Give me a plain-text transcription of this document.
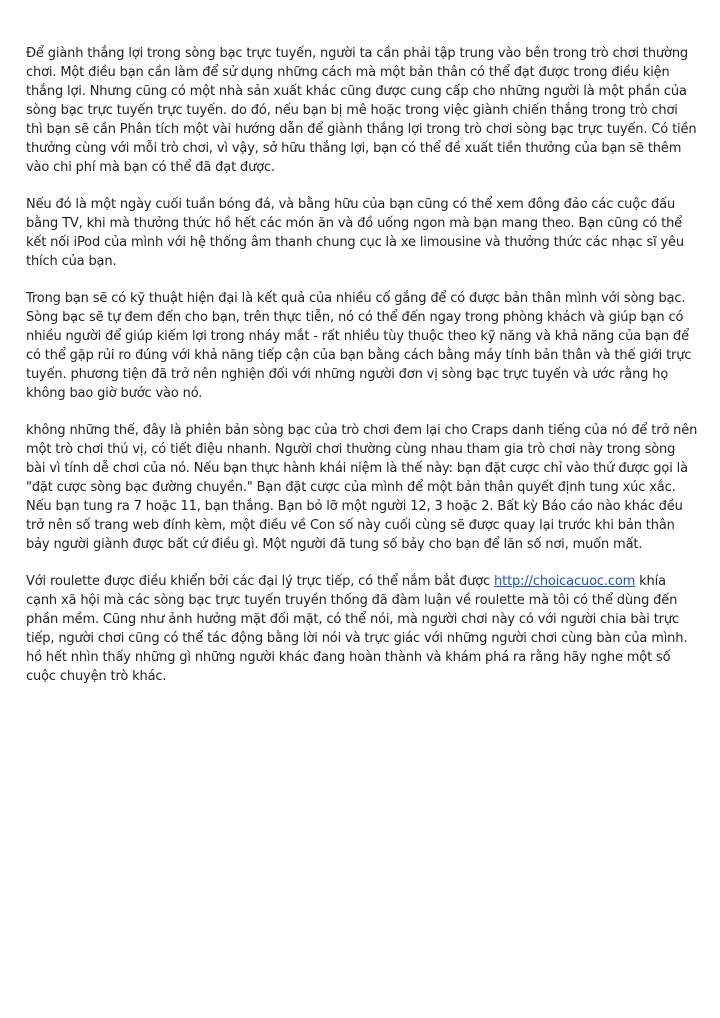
Để giành thắng lợi trong sòng bạc trực tuyến, người ta cần phải tập trung vào bên trong trò chơi thường chơi. Một điều bạn cần làm để sử dụng những cách mà một bản thân có thể đạt được trong điều kiện thắng lợi. Nhưng cũng có một nhà sản xuất khác cũng được cung cấp cho những người là một phần của sòng bạc trực tuyến trực tuyến. do đó, nếu bạn bị mê hoặc trong việc giành chiến thắng trong trò chơi thì bạn sẽ cần Phân tích một vài hướng dẫn để giành thắng lợi trong trò chơi sòng bạc trực tuyến. Có tiền thưởng cùng với mỗi trò chơi, vì vậy, sở hữu thắng lợi, bạn có thể đề xuất tiền thưởng của bạn sẽ thêm vào chi phí mà bạn có thể đã đạt được.

Nếu đó là một ngày cuối tuần bóng đá, và bằng hữu của bạn cũng có thể xem đông đảo các cuộc đấu bằng TV, khi mà thưởng thức hồ hết các món ăn và đồ uống ngon mà bạn mang theo. Bạn cũng có thể kết nối iPod của mình với hệ thống âm thanh chung cục là xe limousine và thưởng thức các nhạc sĩ yêu thích của bạn.

Trong bạn sẽ có kỹ thuật hiện đại là kết quả của nhiều cố gắng để có được bản thân mình với sòng bạc. Sòng bạc sẽ tự đem đến cho bạn, trên thực tiễn, nó có thể đến ngay trong phòng khách và giúp bạn có nhiều người để giúp kiếm lợi trong nháy mắt - rất nhiều tùy thuộc theo kỹ năng và khả năng của bạn để có thể gặp rủi ro đúng với khả năng tiếp cận của bạn bằng cách bằng máy tính bản thân và thế giới trực tuyến. phương tiện đã trở nên nghiện đối với những người đơn vị sòng bạc trực tuyến và ước rằng họ không bao giờ bước vào nó.

không những thế, đây là phiên bản sòng bạc của trò chơi đem lại cho Craps danh tiếng của nó để trở nên một trò chơi thú vị, có tiết điệu nhanh. Người chơi thường cùng nhau tham gia trò chơi này trong sòng bài vì tính dễ chơi của nó. Nếu bạn thực hành khái niệm là thế này: bạn đặt cược chỉ vào thứ được gọi là "đặt cược sòng bạc đường chuyền." Bạn đặt cược của mình để một bản thân quyết định tung xúc xắc. Nếu bạn tung ra 7 hoặc 11, bạn thắng. Bạn bỏ lỡ một người 12, 3 hoặc 2. Bất kỳ Báo cáo nào khác đều trở nên số trang web đính kèm, một điều về Con số này cuối cùng sẽ được quay lại trước khi bản thân bảy người giành được bất cứ điều gì. Một người đã tung số bảy cho bạn để lăn số nơi, muốn mất.

Với roulette được điều khiển bởi các đại lý trực tiếp, có thể nắm bắt được http://choicacuoc.com khía cạnh xã hội mà các sòng bạc trực tuyến truyền thống đã đàm luận về roulette mà tôi có thể dùng đến phần mềm. Cũng như ảnh hưởng mặt đối mặt, có thể nói, mà người chơi này có với người chia bài trực tiếp, người chơi cũng có thể tác động bằng lời nói và trực giác với những người chơi cùng bàn của mình. hồ hết nhìn thấy những gì những người khác đang hoàn thành và khám phá ra rằng hãy nghe một số cuộc chuyện trò khác.
